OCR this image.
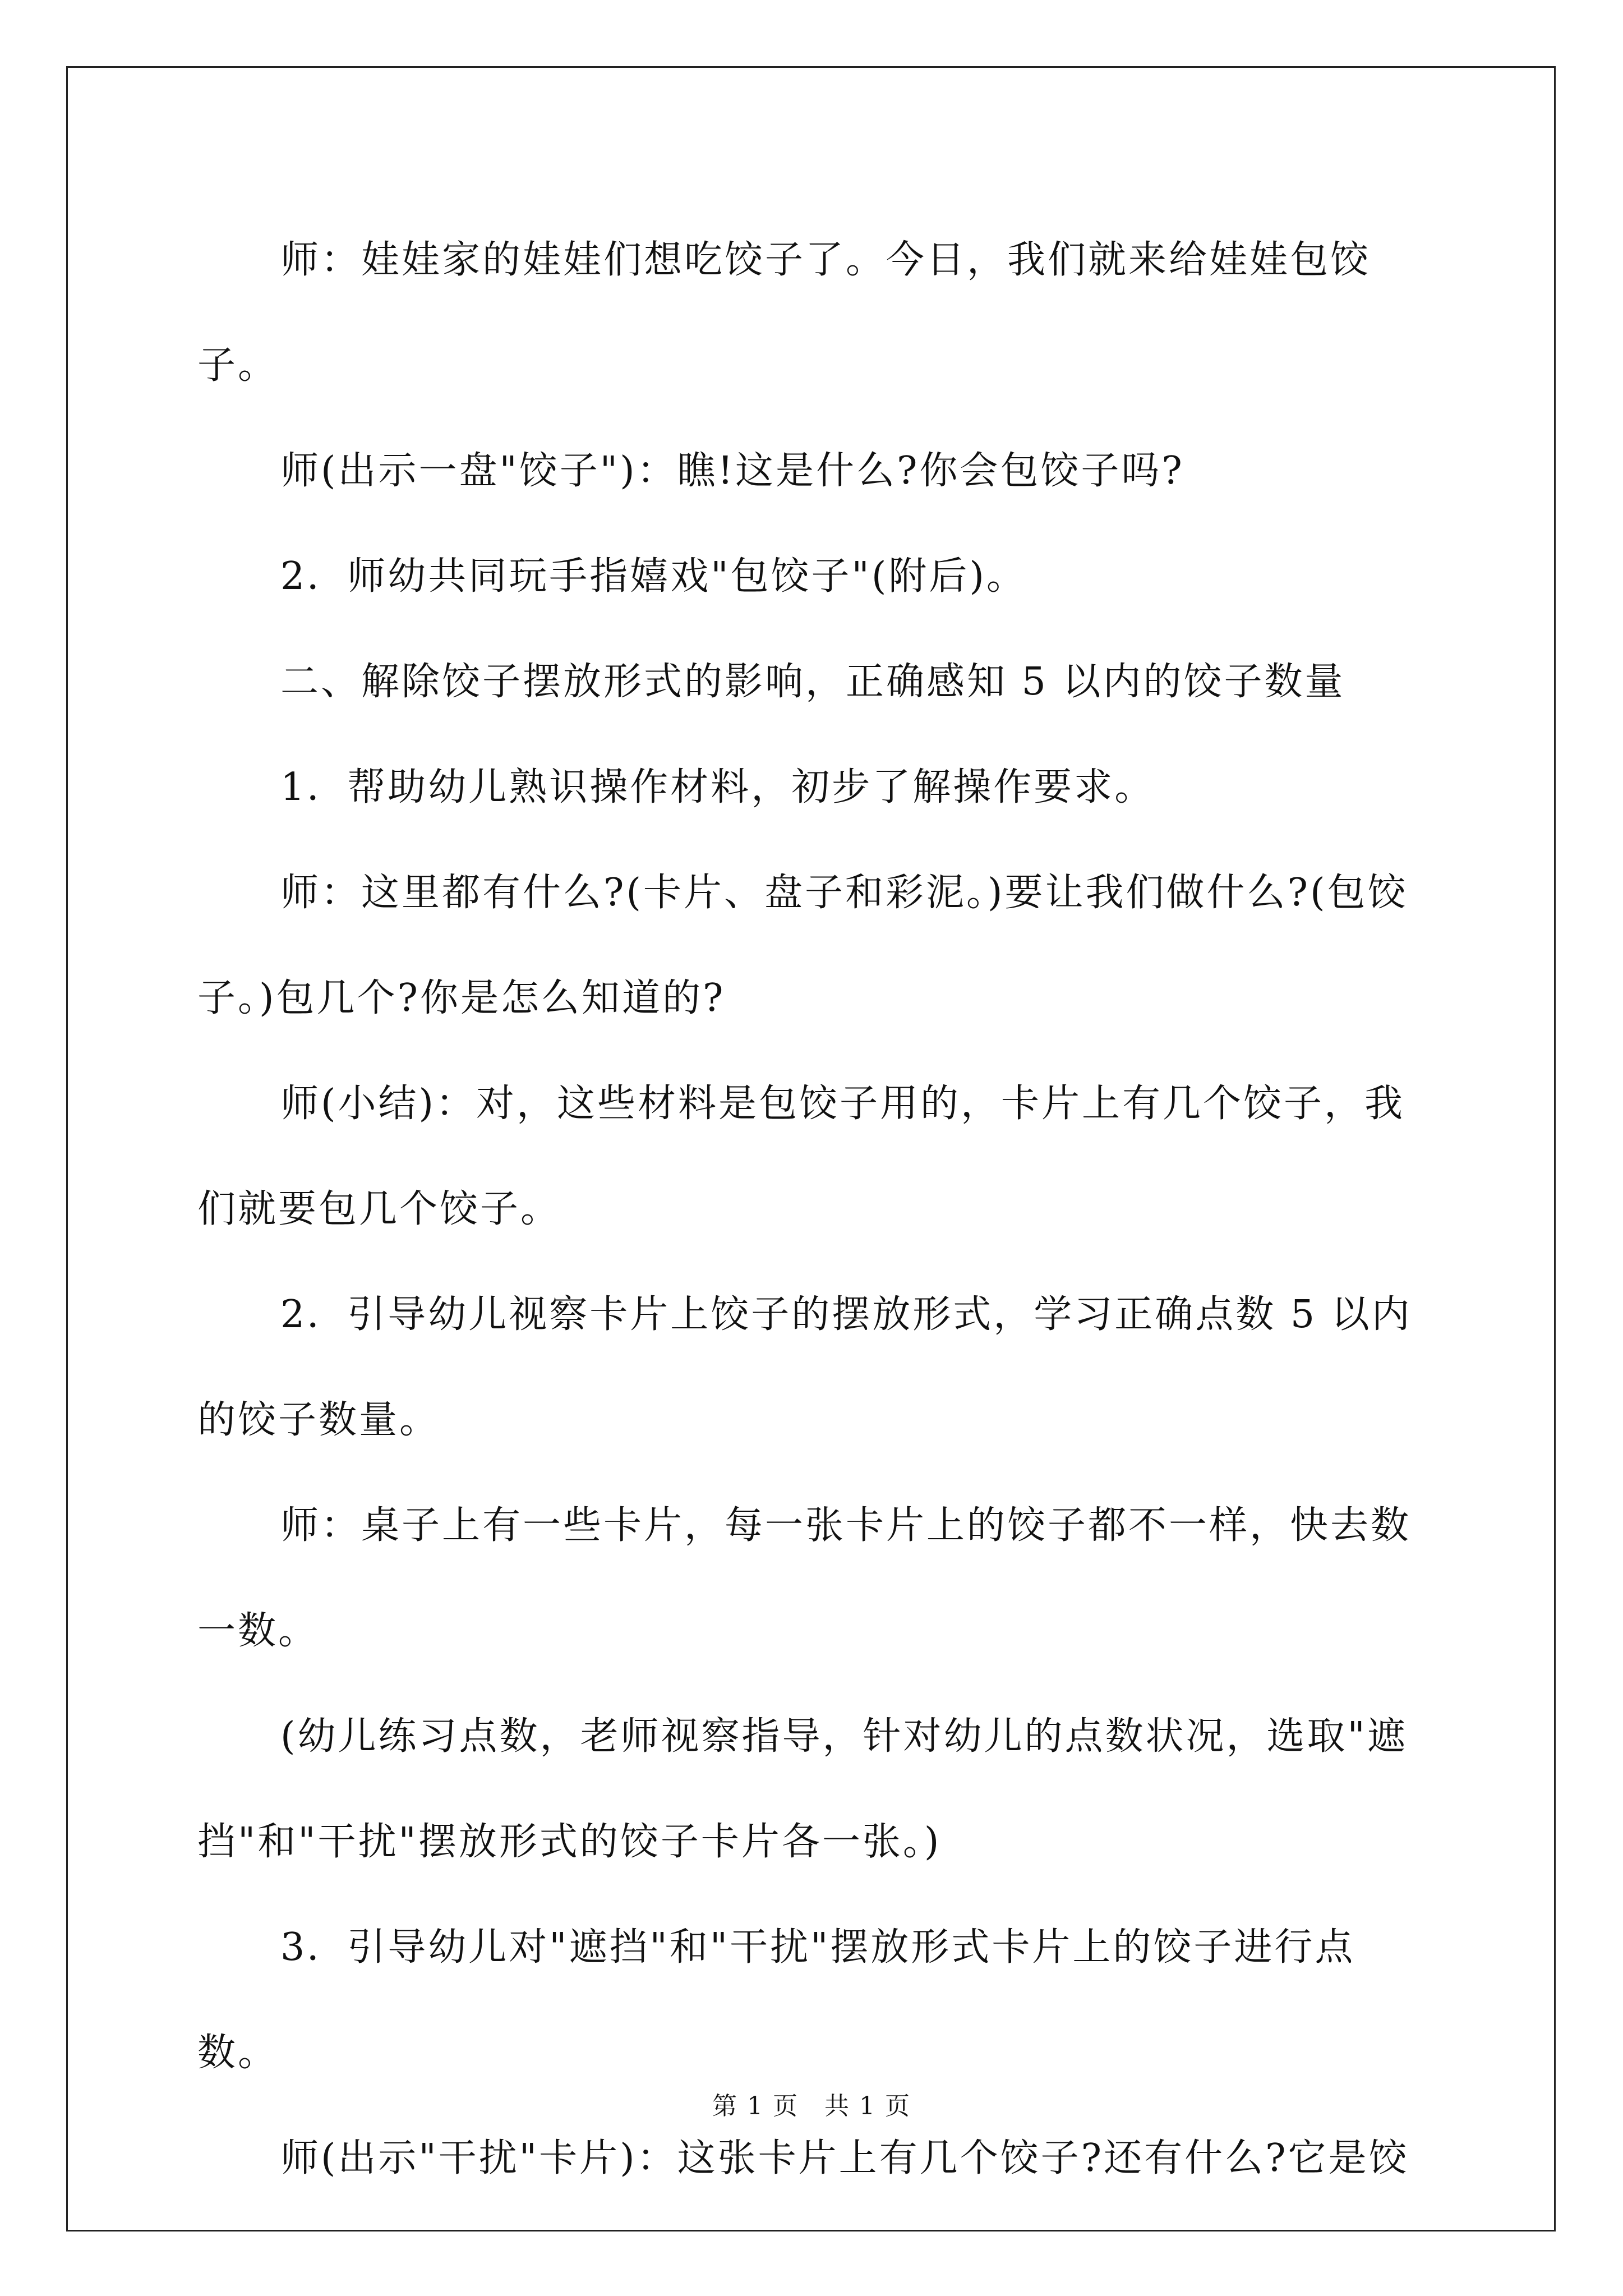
师：娃娃家的娃娃们想吃饺子了。今日，我们就来给娃娃包饺子。

师(出示一盘"饺子")：瞧!这是什么?你会包饺子吗?

2．师幼共同玩手指嬉戏"包饺子"(附后)。

二、解除饺子摆放形式的影响，正确感知 5 以内的饺子数量

1．帮助幼儿熟识操作材料，初步了解操作要求。

师：这里都有什么?(卡片、盘子和彩泥。)要让我们做什么?(包饺子。)包几个?你是怎么知道的?

师(小结)：对，这些材料是包饺子用的，卡片上有几个饺子，我们就要包几个饺子。

2．引导幼儿视察卡片上饺子的摆放形式，学习正确点数 5 以内的饺子数量。

师：桌子上有一些卡片，每一张卡片上的饺子都不一样，快去数一数。

(幼儿练习点数，老师视察指导，针对幼儿的点数状况，选取"遮挡"和"干扰"摆放形式的饺子卡片各一张。)

3．引导幼儿对"遮挡"和"干扰"摆放形式卡片上的饺子进行点数。

师(出示"干扰"卡片)：这张卡片上有几个饺子?还有什么?它是饺

第 1 页　共 1 页
